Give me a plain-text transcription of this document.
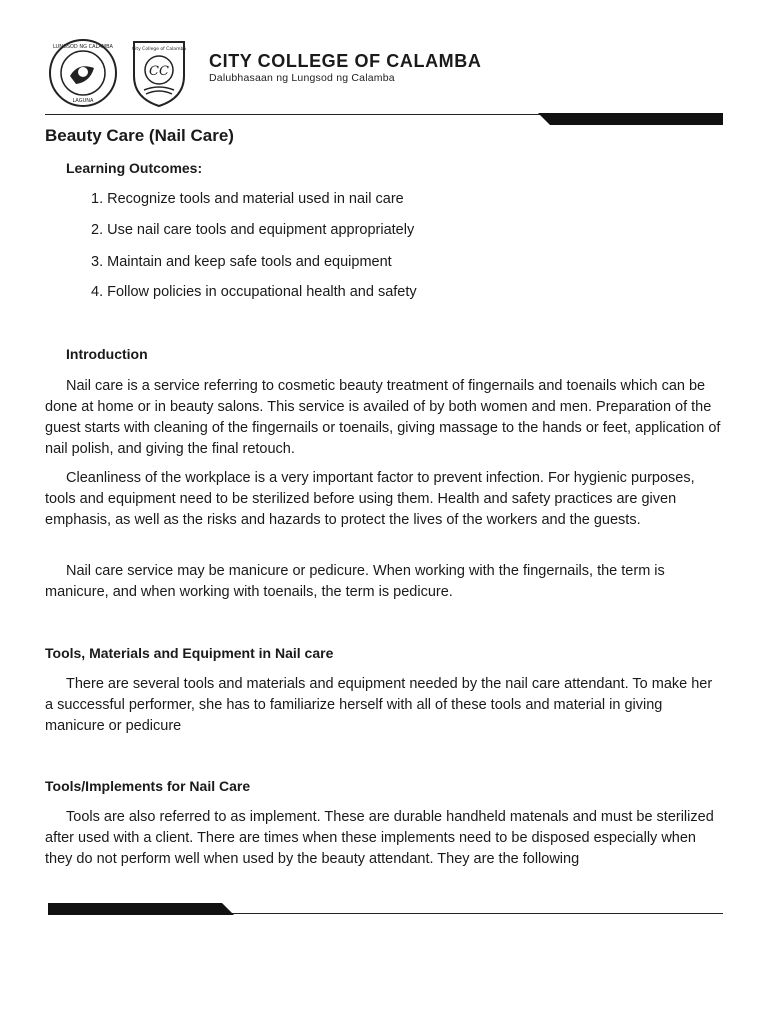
LUNGSOD NG CALAMBA
LAGUNA
City College of Calamba
CC
CITY COLLEGE OF CALAMBA
Dalubhasaan ng Lungsod ng Calamba
Beauty Care (Nail Care)
Learning Outcomes:
1. Recognize tools and material used in nail care
2. Use nail care tools and equipment appropriately
3. Maintain and keep safe tools and equipment
4. Follow policies in occupational health and safety
Introduction

Nail care is a service referring to cosmetic beauty treatment of fingernails and toenails which can be done at home or in beauty salons. This service is availed of by both women and men. Preparation of the guest starts with cleaning of the fingernails or toenails, giving massage to the hands or feet, application of nail polish, and giving the final retouch.

Cleanliness of the workplace is a very important factor to prevent infection. For hygienic purposes, tools and equipment need to be sterilized before using them. Health and safety practices are given emphasis, as well as the risks and hazards to protect the lives of the workers and the guests.

Nail care service may be manicure or pedicure. When working with the fingernails, the term is manicure, and when working with toenails, the term is pedicure.

Tools, Materials and Equipment in Nail care

There are several tools and materials and equipment needed by the nail care attendant. To make her a successful performer, she has to familiarize herself with all of these tools and material in giving manicure or pedicure

Tools/Implements for Nail Care

Tools are also referred to as implement. These are durable handheld matenals and must be sterilized after used with a client. There are times when these implements need to be disposed especially when they do not perform well when used by the beauty attendant. They are the following
